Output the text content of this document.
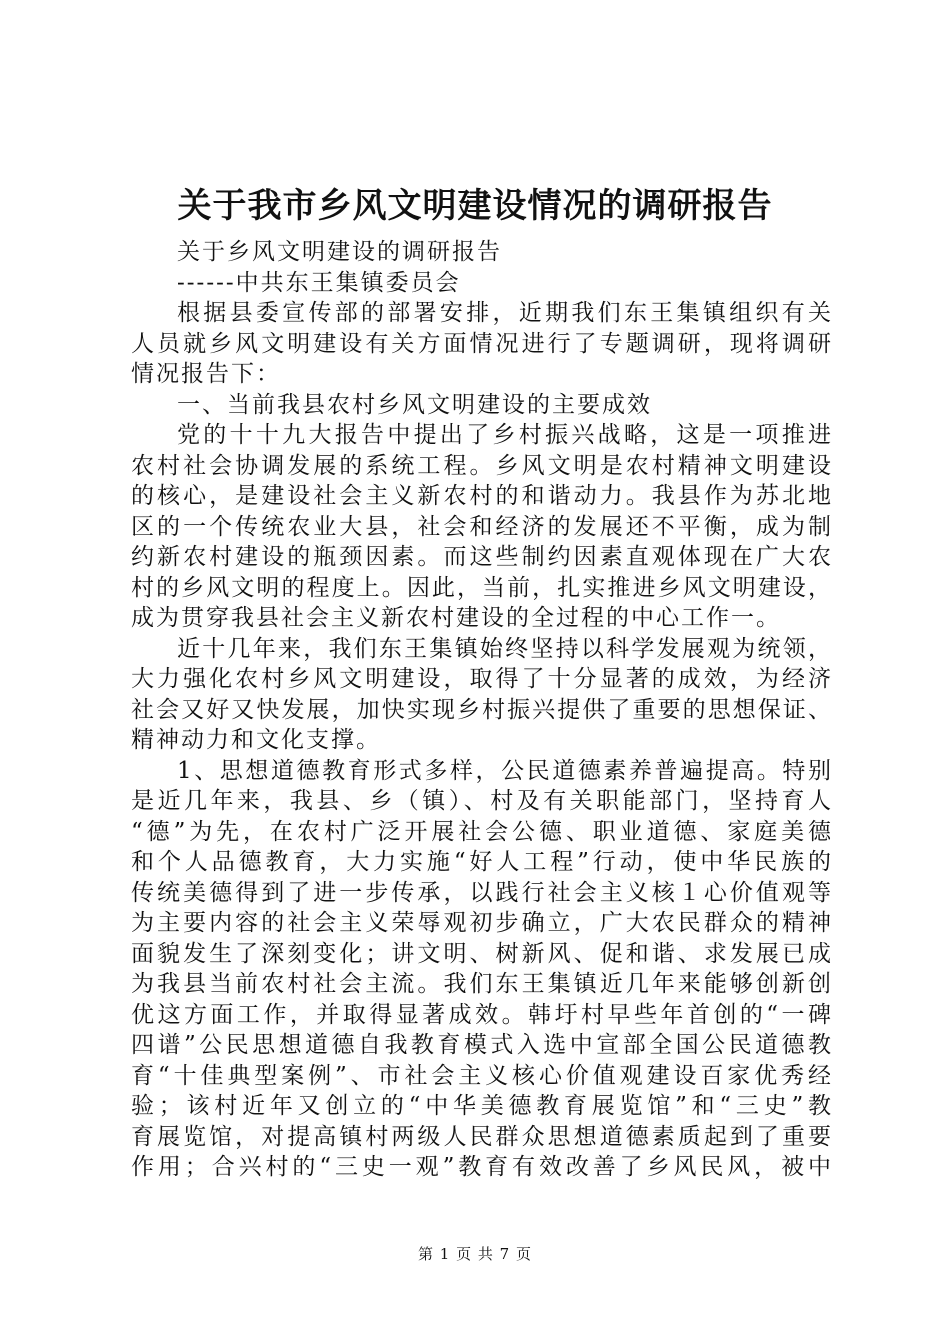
关于我市乡风文明建设情况的调研报告
关于乡风文明建设的调研报告
------中共东王集镇委员会
根据县委宣传部的部署安排，近期我们东王集镇组织有关
人员就乡风文明建设有关方面情况进行了专题调研，现将调研
情况报告下：
一、当前我县农村乡风文明建设的主要成效
党的十十九大报告中提出了乡村振兴战略，这是一项推进
农村社会协调发展的系统工程。乡风文明是农村精神文明建设
的核心，是建设社会主义新农村的和谐动力。我县作为苏北地
区的一个传统农业大县，社会和经济的发展还不平衡，成为制
约新农村建设的瓶颈因素。而这些制约因素直观体现在广大农
村的乡风文明的程度上。因此，当前，扎实推进乡风文明建设，
成为贯穿我县社会主义新农村建设的全过程的中心工作一。
近十几年来，我们东王集镇始终坚持以科学发展观为统领，
大力强化农村乡风文明建设，取得了十分显著的成效，为经济
社会又好又快发展，加快实现乡村振兴提供了重要的思想保证、
精神动力和文化支撑。
1、思想道德教育形式多样，公民道德素养普遍提高。特别
是近几年来，我县、乡（镇）、村及有关职能部门，坚持育人
“德”为先，在农村广泛开展社会公德、职业道德、家庭美德
和个人品德教育，大力实施“好人工程”行动，使中华民族的
传统美德得到了进一步传承，以践行社会主义核１心价值观等
为主要内容的社会主义荣辱观初步确立，广大农民群众的精神
面貌发生了深刻变化；讲文明、树新风、促和谐、求发展已成
为我县当前农村社会主流。我们东王集镇近几年来能够创新创
优这方面工作，并取得显著成效。韩圩村早些年首创的“一碑
四谱”公民思想道德自我教育模式入选中宣部全国公民道德教
育“十佳典型案例”、市社会主义核心价值观建设百家优秀经
验；该村近年又创立的“中华美德教育展览馆”和“三史”教
育展览馆，对提高镇村两级人民群众思想道德素质起到了重要
作用；合兴村的“三史一观”教育有效改善了乡风民风，被中
第 1 页 共 7 页
